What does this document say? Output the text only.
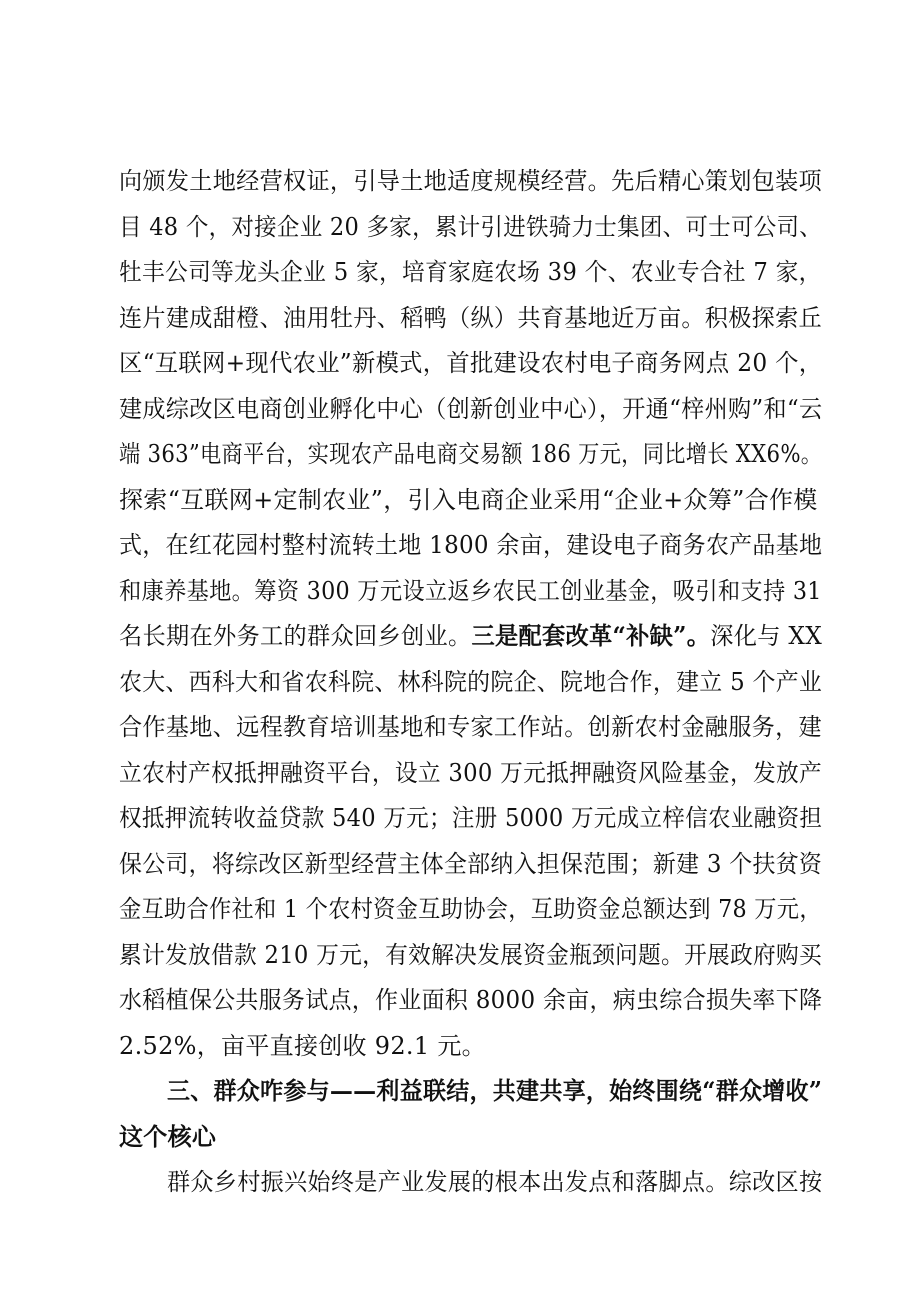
向颁发土地经营权证，引导土地适度规模经营。先后精心策划包装项
目 48 个，对接企业 20 多家，累计引进铁骑力士集团、可士可公司、
牡丰公司等龙头企业 5 家，培育家庭农场 39 个、农业专合社 7 家，
连片建成甜橙、油用牡丹、稻鸭（纵）共育基地近万亩。积极探索丘
区“互联网+现代农业”新模式，首批建设农村电子商务网点 20 个，
建成综改区电商创业孵化中心（创新创业中心），开通“梓州购”和“云
端 363”电商平台，实现农产品电商交易额 186 万元，同比增长 XX6%。
探索“互联网+定制农业”，引入电商企业采用“企业+众筹”合作模
式，在红花园村整村流转土地 1800 余亩，建设电子商务农产品基地
和康养基地。筹资 300 万元设立返乡农民工创业基金，吸引和支持 31
名长期在外务工的群众回乡创业。三是配套改革“补缺”。深化与 XX
农大、西科大和省农科院、林科院的院企、院地合作，建立 5 个产业
合作基地、远程教育培训基地和专家工作站。创新农村金融服务，建
立农村产权抵押融资平台，设立 300 万元抵押融资风险基金，发放产
权抵押流转收益贷款 540 万元；注册 5000 万元成立梓信农业融资担
保公司，将综改区新型经营主体全部纳入担保范围；新建 3 个扶贫资
金互助合作社和 1 个农村资金互助协会，互助资金总额达到 78 万元，
累计发放借款 210 万元，有效解决发展资金瓶颈问题。开展政府购买
水稻植保公共服务试点，作业面积 8000 余亩，病虫综合损失率下降
2.52%，亩平直接创收 92.1 元。
三、群众咋参与——利益联结，共建共享，始终围绕“群众增收”
这个核心
群众乡村振兴始终是产业发展的根本出发点和落脚点。综改区按
